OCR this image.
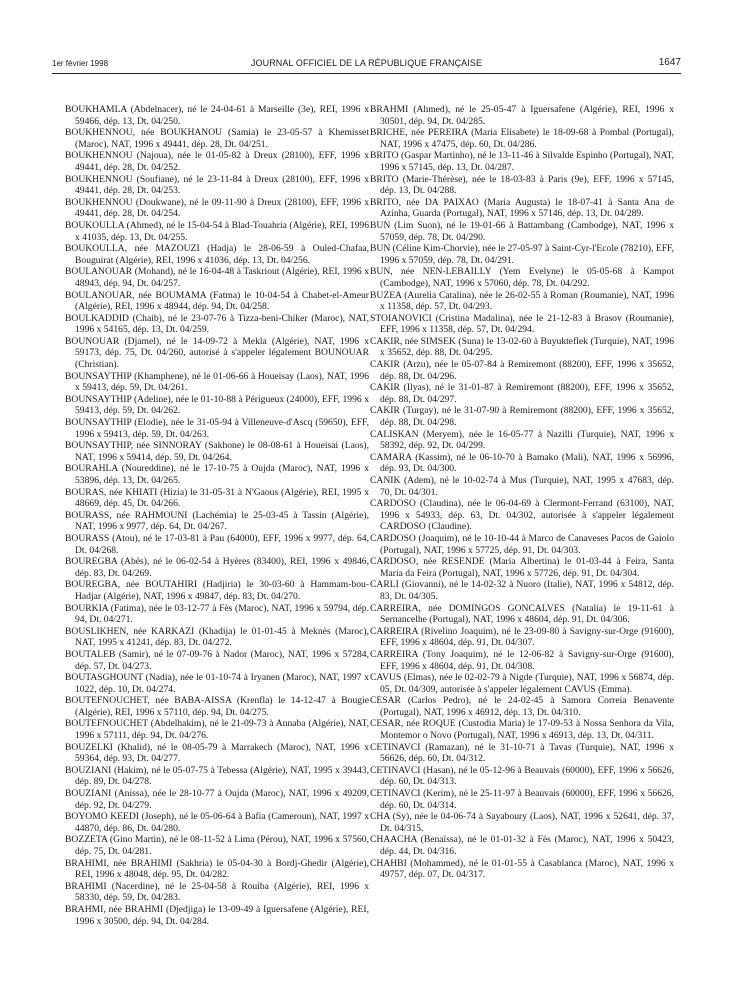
1er février 1998	JOURNAL OFFICIEL DE LA RÉPUBLIQUE FRANÇAISE	1647

BOUKHAMLA (Abdelnacer), né le 24-04-61 à Marseille (3e), REI, 1996 x 59466, dép. 13, Dt. 04/250.

BOUKHENNOU, née BOUKHANOU (Samia) le 23-05-57 à Khemisset (Maroc), NAT, 1996 x 49441, dép. 28, Dt. 04/251.

BOUKHENNOU (Najoua), née le 01-05-82 à Dreux (28100), EFF, 1996 x 49441, dép. 28, Dt. 04/252.

BOUKHENNOU (Soufiane), né le 23-11-84 à Dreux (28100), EFF, 1996 x 49441, dép. 28, Dt. 04/253.

BOUKHENNOU (Doukwane), né le 09-11-90 à Dreux (28100), EFF, 1996 x 49441, dép. 28, Dt. 04/254.

BOUKOULLA (Ahmed), né le 15-04-54 à Blad-Touahria (Algérie), REI, 1996 x 41035, dép. 13, Dt. 04/255.

BOUKOULLA, née MAZOUZI (Hadja) le 28-06-59 à Ouled-Chafaa, Bouguirat (Algérie), REI, 1996 x 41036, dép. 13, Dt. 04/256.

BOULANOUAR (Mohand), né le 16-04-48 à Taskriout (Algérie), REI, 1996 x 48943, dép. 94, Dt. 04/257.

BOULANOUAR, née BOUMAMA (Fatma) le 10-04-54 à Chabet-el-Ameur (Algérie), REI, 1996 x 48944, dép. 94, Dt. 04/258.

BOULKADDID (Chaib), né le 23-07-76 à Tizza-beni-Chiker (Maroc), NAT, 1996 x 54165, dép. 13, Dt. 04/259.

BOUNOUAR (Djamel), né le 14-09-72 à Mekla (Algérie), NAT, 1996 x 59173, dép. 75, Dt. 04/260, autorisé à s'appeler légalement BOUNOUAR (Christian).

BOUNSAYTHIP (Khamphene), né le 01-06-66 à Houeisay (Laos), NAT, 1996 x 59413, dép. 59, Dt. 04/261.

BOUNSAYTHIP (Adeline), née le 01-10-88 à Périgueux (24000), EFF, 1996 x 59413, dép. 59, Dt. 04/262.

BOUNSAYTHIP (Elodie), née le 31-05-94 à Villeneuve-d'Ascq (59650), EFF, 1996 x 59413, dép. 59, Dt. 04/263.

BOUNSAYTHIP, née SINNORAY (Sakhone) le 08-08-61 à Houeisai (Laos), NAT, 1996 x 59414, dép. 59, Dt. 04/264.

BOURAHLA (Noureddine), né le 17-10-75 à Oujda (Maroc), NAT, 1996 x 53896, dép. 13, Dt. 04/265.

BOURAS, née KHIATI (Hizia) le 31-05-31 à N'Gaous (Algérie), REI, 1995 x 48669, dép. 45, Dt. 04/266.

BOURASS, née RAHMOUNI (Lachémia) le 25-03-45 à Tassin (Algérie), NAT, 1996 x 9977, dép. 64, Dt. 04/267.

BOURASS (Atou), né le 17-03-81 à Pau (64000), EFF, 1996 x 9977, dép. 64, Dt. 04/268.

BOUREGBA (Abès), né le 06-02-54 à Hyères (83400), REI, 1996 x 49846, dép. 83, Dt. 04/269.

BOUREGBA, née BOUTAHIRI (Hadjiria) le 30-03-60 à Hammam-bou-Hadjar (Algérie), NAT, 1996 x 49847, dép. 83, Dt. 04/270.

BOURKIA (Fatima), née le 03-12-77 à Fès (Maroc), NAT, 1996 x 59794, dép. 94, Dt. 04/271.

BOUSLIKHEN, née KARKAZI (Khadija) le 01-01-45 à Meknès (Maroc), NAT, 1995 x 41241, dép. 83, Dt. 04/272.

BOUTALEB (Samir), né le 07-09-76 à Nador (Maroc), NAT, 1996 x 57284, dép. 57, Dt. 04/273.

BOUTASGHOUNT (Nadia), née le 01-10-74 à Iryanen (Maroc), NAT, 1997 x 1022, dép. 10, Dt. 04/274.

BOUTEFNOUCHET, née BABA-AISSA (Krenfla) le 14-12-47 à Bougie (Algérie), REI, 1996 x 57110, dép. 94, Dt. 04/275.

BOUTEFNOUCHET (Abdelhakim), né le 21-09-73 à Annaba (Algérie), NAT, 1996 x 57111, dép. 94, Dt. 04/276.

BOUZELKI (Khalid), né le 08-05-79 à Marrakech (Maroc), NAT, 1996 x 59364, dép. 93, Dt. 04/277.

BOUZIANI (Hakim), né le 05-07-75 à Tebessa (Algérie), NAT, 1995 x 39443, dép. 89, Dt. 04/278.

BOUZIANI (Anissa), née le 28-10-77 à Oujda (Maroc), NAT, 1996 x 49209, dép. 92, Dt. 04/279.

BOYOMO KEEDI (Joseph), né le 05-06-64 à Bafia (Cameroun), NAT, 1997 x 44870, dép. 86, Dt. 04/280.

BOZZETA (Gino Martin), né le 08-11-52 à Lima (Pérou), NAT, 1996 x 57560, dép. 75, Dt. 04/281.

BRAHIMI, née BRAHIMI (Sakhria) le 05-04-30 à Bordj-Ghedir (Algérie), REI, 1996 x 48048, dép. 95, Dt. 04/282.

BRAHIMI (Nacerdine), né le 25-04-58 à Rouiba (Algérie), REI, 1996 x 58330, dép. 59, Dt. 04/283.

BRAHMI, née BRAHMI (Djedjiga) le 13-09-49 à Iguersafene (Algérie), REI, 1996 x 30500, dép. 94, Dt. 04/284.

BRAHMI (Ahmed), né le 25-05-47 à Iguersafene (Algérie), REI, 1996 x 30501, dép. 94, Dt. 04/285.

BRICHE, née PEREIRA (Maria Elisabete) le 18-09-68 à Pombal (Portugal), NAT, 1996 x 47475, dép. 60, Dt. 04/286.

BRITO (Gaspar Martinho), né le 13-11-46 à Silvalde Espinho (Portugal), NAT, 1996 x 57145, dép. 13, Dt. 04/287.

BRITO (Marie-Thérèse), née le 18-03-83 à Paris (9e), EFF, 1996 x 57145, dép. 13, Dt. 04/288.

BRITO, née DA PAIXAO (Maria Augusta) le 18-07-41 à Santa Ana de Azinha, Guarda (Portugal), NAT, 1996 x 57146, dép. 13, Dt. 04/289.

BUN (Lim Suon), né le 19-01-66 à Battambang (Cambodge), NAT, 1996 x 57059, dép. 78, Dt. 04/290.

BUN (Céline Kim-Chorvie), née le 27-05-97 à Saint-Cyr-l'Ecole (78210), EFF, 1996 x 57059, dép. 78, Dt. 04/291.

BUN, née NEN-LEBAILLY (Yem Evelyne) le 05-05-68 à Kampot (Cambodge), NAT, 1996 x 57060, dép. 78, Dt. 04/292.

BUZEA (Aurelia Catalina), née le 26-02-55 à Roman (Roumanie), NAT, 1996 x 11358, dép. 57, Dt. 04/293.

STOIANOVICI (Cristina Madalina), née le 21-12-83 à Brasov (Roumanie), EFF, 1996 x 11358, dép. 57, Dt. 04/294.

CAKIR, née SIMSEK (Suna) le 13-02-60 à Buyukteflek (Turquie), NAT, 1996 x 35652, dép. 88, Dt. 04/295.

CAKIR (Arzu), née le 05-07-84 à Remiremont (88200), EFF, 1996 x 35652, dép. 88, Dt. 04/296.

CAKIR (Ilyas), né le 31-01-87 à Remiremont (88200), EFF, 1996 x 35652, dép. 88, Dt. 04/297.

CAKIR (Turgay), né le 31-07-90 à Remiremont (88200), EFF, 1996 x 35652, dép. 88, Dt. 04/298.

CALISKAN (Meryem), née le 16-05-77 à Nazilli (Turquie), NAT, 1996 x 58392, dép. 92, Dt. 04/299.

CAMARA (Kassim), né le 06-10-70 à Bamako (Mali), NAT, 1996 x 56996, dép. 93, Dt. 04/300.

CANIK (Adem), né le 10-02-74 à Mus (Turquie), NAT, 1995 x 47683, dép. 70, Dt. 04/301.

CARDOSO (Claudina), née le 06-04-69 à Clermont-Ferrand (63100), NAT, 1996 x 54933, dép. 63, Dt. 04/302, autorisée à s'appeler légalement CARDOSO (Claudine).

CARDOSO (Joaquim), né le 10-10-44 à Marco de Canaveses Pacos de Gaiolo (Portugal), NAT, 1996 x 57725, dép. 91, Dt. 04/303.

CARDOSO, née RESENDE (Maria Albertina) le 01-03-44 à Feira, Santa Maria da Feira (Portugal), NAT, 1996 x 57726, dép. 91, Dt. 04/304.

CARLI (Giovanni), né le 14-02-32 à Nuoro (Italie), NAT, 1996 x 54812, dép. 83, Dt. 04/305.

CARREIRA, née DOMINGOS GONCALVES (Natalia) le 19-11-61 à Sernancelhe (Portugal), NAT, 1996 x 48604, dép. 91, Dt. 04/306.

CARREIRA (Rivelino Joaquim), né le 23-09-80 à Savigny-sur-Orge (91600), EFF, 1996 x 48604, dép. 91, Dt. 04/307.

CARREIRA (Tony Joaquim), né le 12-06-82 à Savigny-sur-Orge (91600), EFF, 1996 x 48604, dép. 91, Dt. 04/308.

CAVUS (Elmas), née le 02-02-79 à Nigde (Turquie), NAT, 1996 x 56874, dép. 05, Dt. 04/309, autorisée à s'appeler légalement CAVUS (Emma).

CESAR (Carlos Pedro), né le 24-02-45 à Samora Correia Benavente (Portugal), NAT, 1996 x 46912, dép. 13, Dt. 04/310.

CESAR, née ROQUE (Custodia Maria) le 17-09-53 à Nossa Senhora da Vila, Montemor o Novo (Portugal), NAT, 1996 x 46913, dép. 13, Dt. 04/311.

CETINAVCI (Ramazan), né le 31-10-71 à Tavas (Turquie), NAT, 1996 x 56626, dép. 60, Dt. 04/312.

CETINAVCI (Hasan), né le 05-12-96 à Beauvais (60000), EFF, 1996 x 56626, dép. 60, Dt. 04/313.

CETINAVCI (Kerim), né le 25-11-97 à Beauvais (60000), EFF, 1996 x 56626, dép. 60, Dt. 04/314.

CHA (Sy), née le 04-06-74 à Sayaboury (Laos), NAT, 1996 x 52641, dép. 37, Dt. 04/315.

CHAACHA (Benaïssa), né le 01-01-32 à Fès (Maroc), NAT, 1996 x 50423, dép. 44, Dt. 04/316.

CHAHBI (Mohammed), né le 01-01-55 à Casablanca (Maroc), NAT, 1996 x 49757, dép. 07, Dt. 04/317.
